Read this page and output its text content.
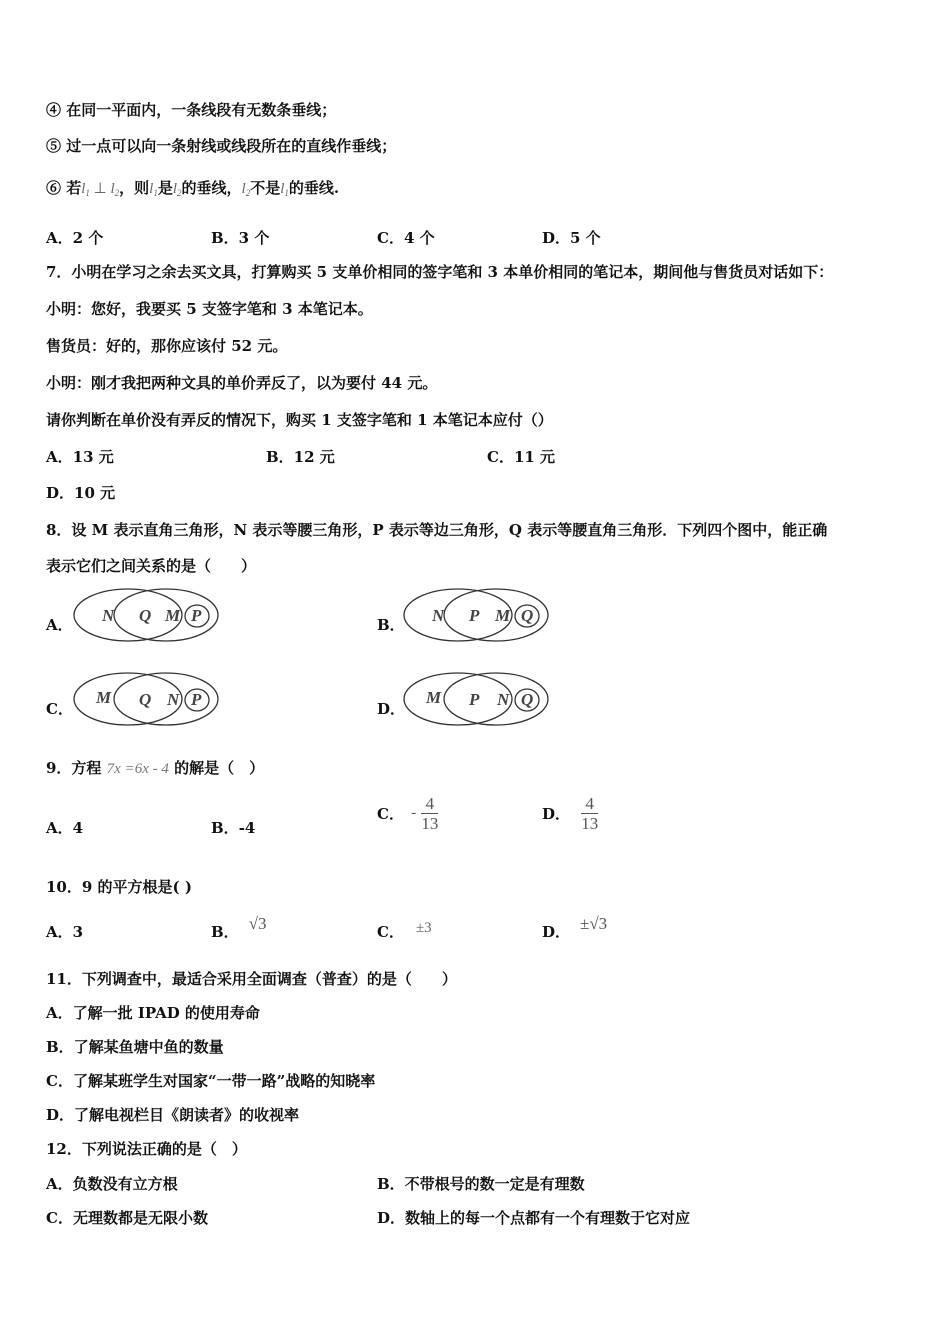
④ 在同一平面内，一条线段有无数条垂线；
⑤ 过一点可以向一条射线或线段所在的直线作垂线；
⑥ 若$l_1$ ⊥ $l_2$，则$l_1$是$l_2$的垂线，$l_2$不是$l_1$的垂线.
A．2 个	B．3 个	C．4 个	D．5 个
7．小明在学习之余去买文具，打算购买 5 支单价相同的签字笔和 3 本单价相同的笔记本，期间他与售货员对话如下：
小明：您好，我要买 5 支签字笔和 3 本笔记本。
售货员：好的，那你应该付 52 元。
小明：刚才我把两种文具的单价弄反了，以为要付 44 元。
请你判断在单价没有弄反的情况下，购买 1 支签字笔和 1 本笔记本应付（）
A．13 元	B．12 元	C．11 元
D．10 元
8．设 M 表示直角三角形，N 表示等腰三角形，P 表示等边三角形，Q 表示等腰直角三角形．下列四个图中，能正确
表示它们之间关系的是（　　）
A． N Q M P	B． N P M Q
C．
M Q N P	D．
M P N Q
9．方程 7x =6x - 4 的解是（　）
A．4	B．-4
C． - $\frac{4}{13}$	D． $\frac{4}{13}$
10．9 的平方根是( )
A．3	B． √3	C． ±3	D． ±√3
11．下列调查中，最适合采用全面调查（普查）的是（　　）
A．了解一批 IPAD 的使用寿命
B．了解某鱼塘中鱼的数量
C．了解某班学生对国家“一带一路”战略的知晓率
D．了解电视栏目《朗读者》的收视率
12．下列说法正确的是（　）
A．负数没有立方根	B．不带根号的数一定是有理数
C．无理数都是无限小数	D．数轴上的每一个点都有一个有理数于它对应
